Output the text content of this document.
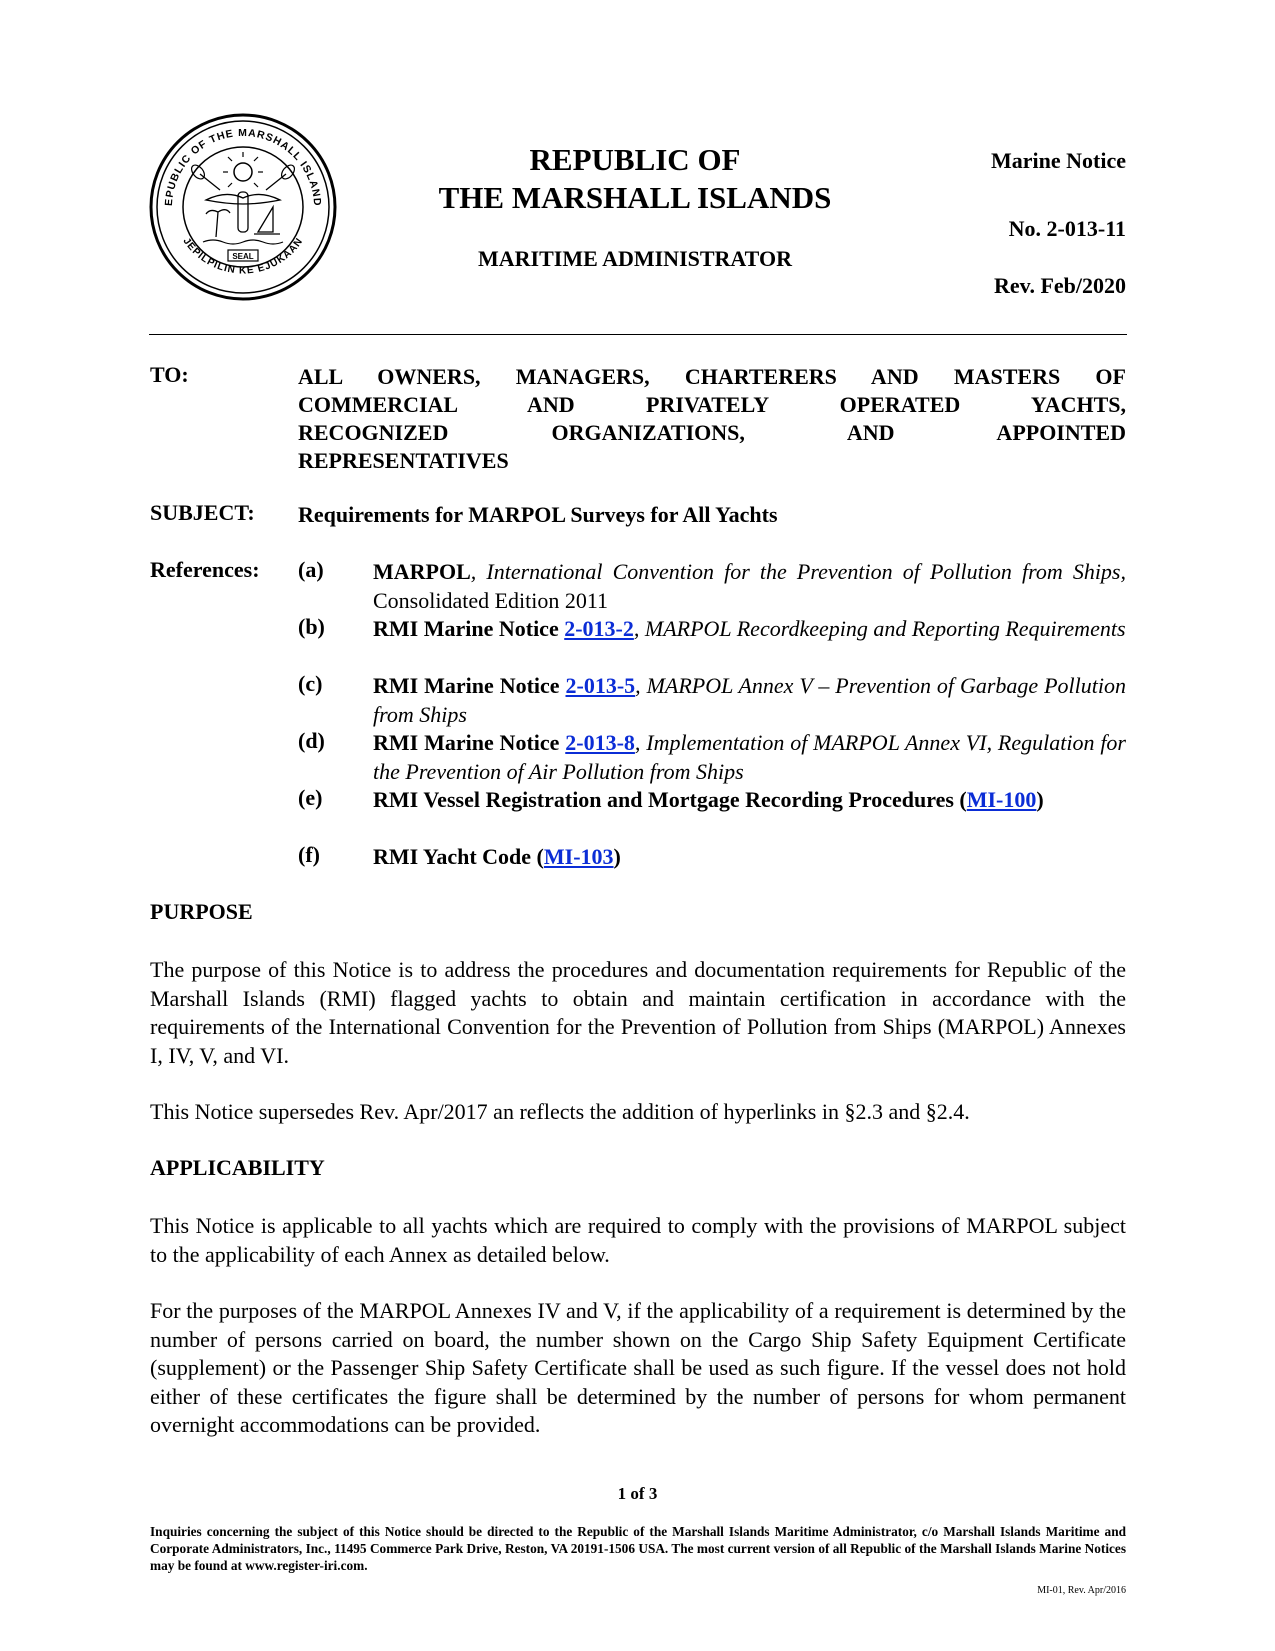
EPUBLIC OF THE MARSHALL ISLAND
JEPILPILIN KE EJUKAAN
SEAL
REPUBLIC OF
THE MARSHALL ISLANDS
MARITIME ADMINISTRATOR
Marine Notice
No. 2-013-11
Rev. Feb/2020
TO:	ALL OWNERS, MANAGERS, CHARTERERS AND MASTERS OF
COMMERCIAL AND PRIVATELY OPERATED YACHTS,
RECOGNIZED ORGANIZATIONS, AND APPOINTED
REPRESENTATIVES
SUBJECT: Requirements for MARPOL Surveys for All Yachts
References: (a) MARPOL, International Convention for the Prevention of Pollution from Ships, Consolidated Edition 2011
(b) RMI Marine Notice 2-013-2, MARPOL Recordkeeping and Reporting Requirements
(c) RMI Marine Notice 2-013-5, MARPOL Annex V – Prevention of Garbage Pollution from Ships
(d) RMI Marine Notice 2-013-8, Implementation of MARPOL Annex VI, Regulation for the Prevention of Air Pollution from Ships
(e) RMI Vessel Registration and Mortgage Recording Procedures (MI-100)
(f) RMI Yacht Code (MI-103)
PURPOSE
The purpose of this Notice is to address the procedures and documentation requirements for Republic of the Marshall Islands (RMI) flagged yachts to obtain and maintain certification in accordance with the requirements of the International Convention for the Prevention of Pollution from Ships (MARPOL) Annexes I, IV, V, and VI.
This Notice supersedes Rev. Apr/2017 an reflects the addition of hyperlinks in §2.3 and §2.4.
APPLICABILITY
This Notice is applicable to all yachts which are required to comply with the provisions of MARPOL subject to the applicability of each Annex as detailed below.
For the purposes of the MARPOL Annexes IV and V, if the applicability of a requirement is determined by the number of persons carried on board, the number shown on the Cargo Ship Safety Equipment Certificate (supplement) or the Passenger Ship Safety Certificate shall be used as such figure. If the vessel does not hold either of these certificates the figure shall be determined by the number of persons for whom permanent overnight accommodations can be provided.
1 of 3
Inquiries concerning the subject of this Notice should be directed to the Republic of the Marshall Islands Maritime Administrator, c/o Marshall Islands Maritime and Corporate Administrators, Inc., 11495 Commerce Park Drive, Reston, VA 20191-1506 USA. The most current version of all Republic of the Marshall Islands Marine Notices may be found at www.register-iri.com.
MI-01, Rev. Apr/2016
